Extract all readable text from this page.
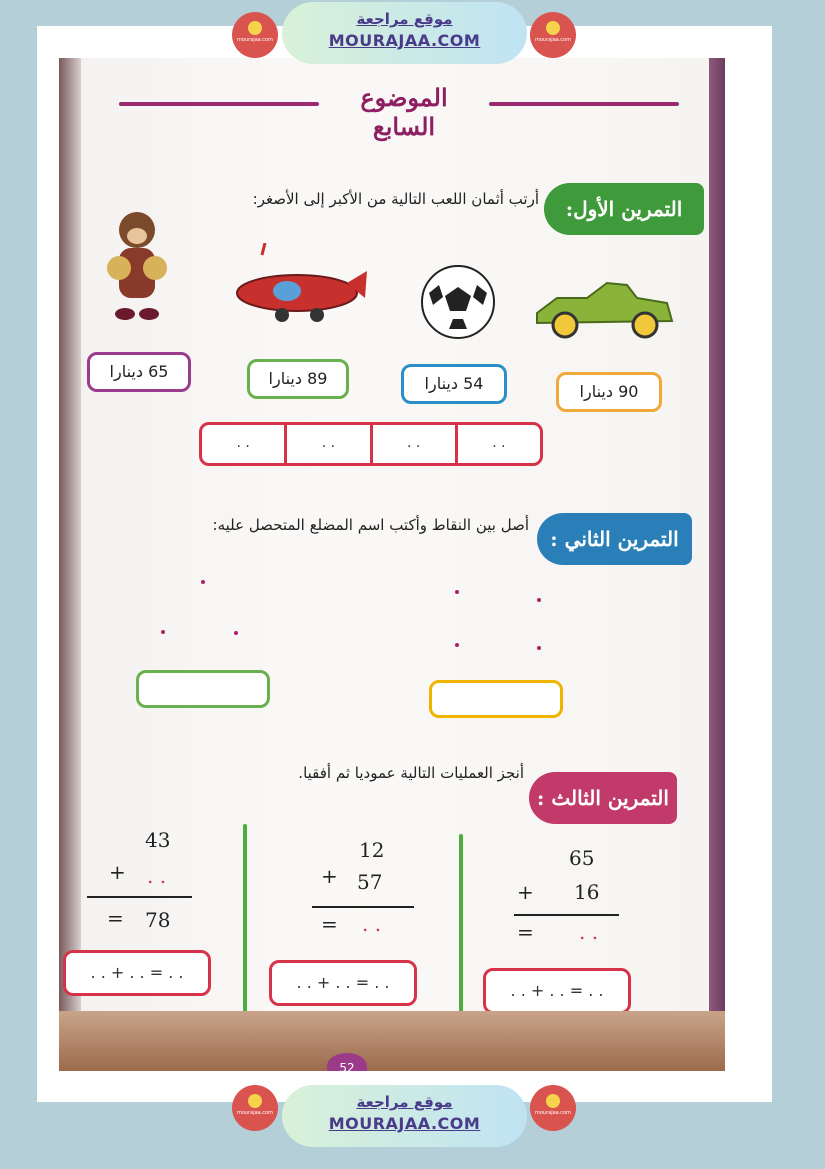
mourajaa.com
موقع مراجعة
MOURAJAA.COM	mourajaa.com
الموضوع السابع
التمرين الأول:
أرتب أثمان اللعب التالية من الأكبر إلى الأصغر:
90 دينارا
54 دينارا
89 دينارا
65 دينارا
. .
. .
. .
. .
التمرين الثاني :
أصل بين النقاط وأكتب اسم المضلع المتحصل عليه:
التمرين الثالث :
أنجز العمليات التالية عموديا ثم أفقيا.
65
+ 16
= . .
. . + . . = . .
12
+ 57
= . .
. . + . . = . .
43
+ . .
= 78
. . + . . = . .
52
mourajaa.com
موقع مراجعة
MOURAJAA.COM
mourajaa.com
